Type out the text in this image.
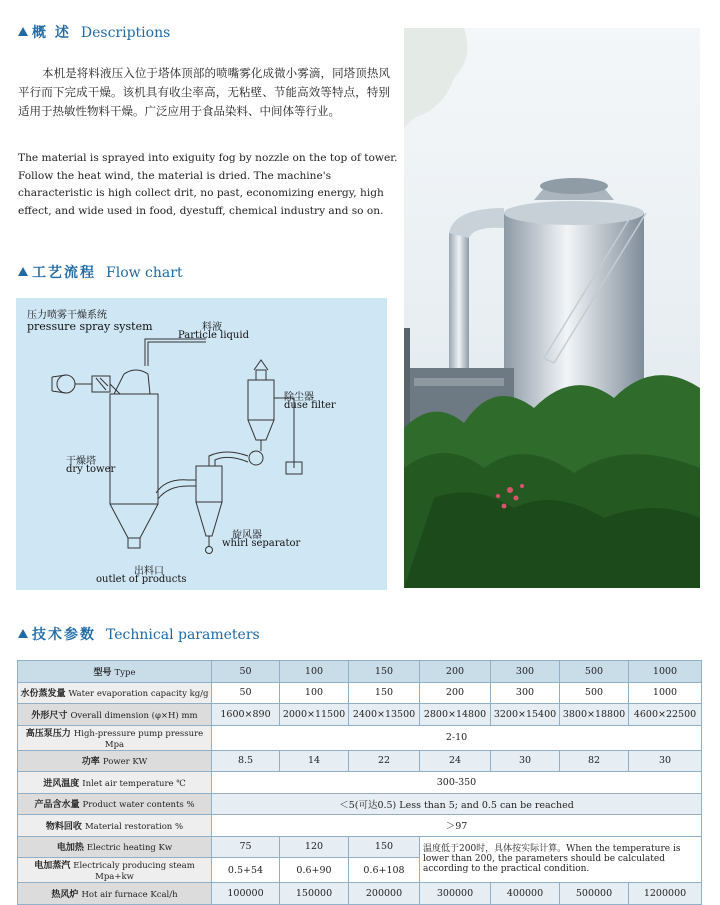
概 述 Descriptions
本机是将料液压入位于塔体顶部的喷嘴雾化成微小雾滴，同塔顶热风平行而下完成干燥。该机具有收尘率高，无粘壁、节能高效等特点，特别适用于热敏性物料干燥。广泛应用于食品染料、中间体等行业。
The material is sprayed into exiguity fog by nozzle on the top of tower. Follow the heat wind, the material is dried. The machine's characteristic is high collect drit, no past, economizing energy, high effect, and wide used in food, dyestuff, chemical industry and so on.
工艺流程 Flow chart
压力喷雾干燥系统
pressure spray system	料液
Particle liquid
除尘器
duse filter
干燥塔
dry tower
旋风器
whirl separator
出料口
outlet of products
技术参数 Technical parameters
型号 Type	50	100	150	200	300	500	1000
水份蒸发量 Water evaporation capacity kg/g	50	100	150	200	300	500	1000
外形尺寸 Overall dimension (φ×H) mm	1600×890	2000×11500	2400×13500	2800×14800	3200×15400	3800×18800	4600×22500
高压泵压力 High-pressure pump pressure Mpa	2-10						
功率 Power KW	8.5	14	22	24	30	82	30
进风温度 Inlet air temperature ℃	300-350						
产品含水量 Product water contents %	＜5(可达0.5) Less than 5; and 0.5 can be reached						
物料回收 Material restoration %	＞97						
电加热 Electric heating Kw	75	120	150	温度低于200时，具体按实际计算。When the temperature is lower than 200, the parameters should be calculated according to the practical condition.			
电加蒸汽 Electricaly producing steam Mpa+kw	0.5+54	0.6+90	0.6+108				
热风炉 Hot air furnace Kcal/h	100000	150000	200000	300000	400000	500000	1200000
